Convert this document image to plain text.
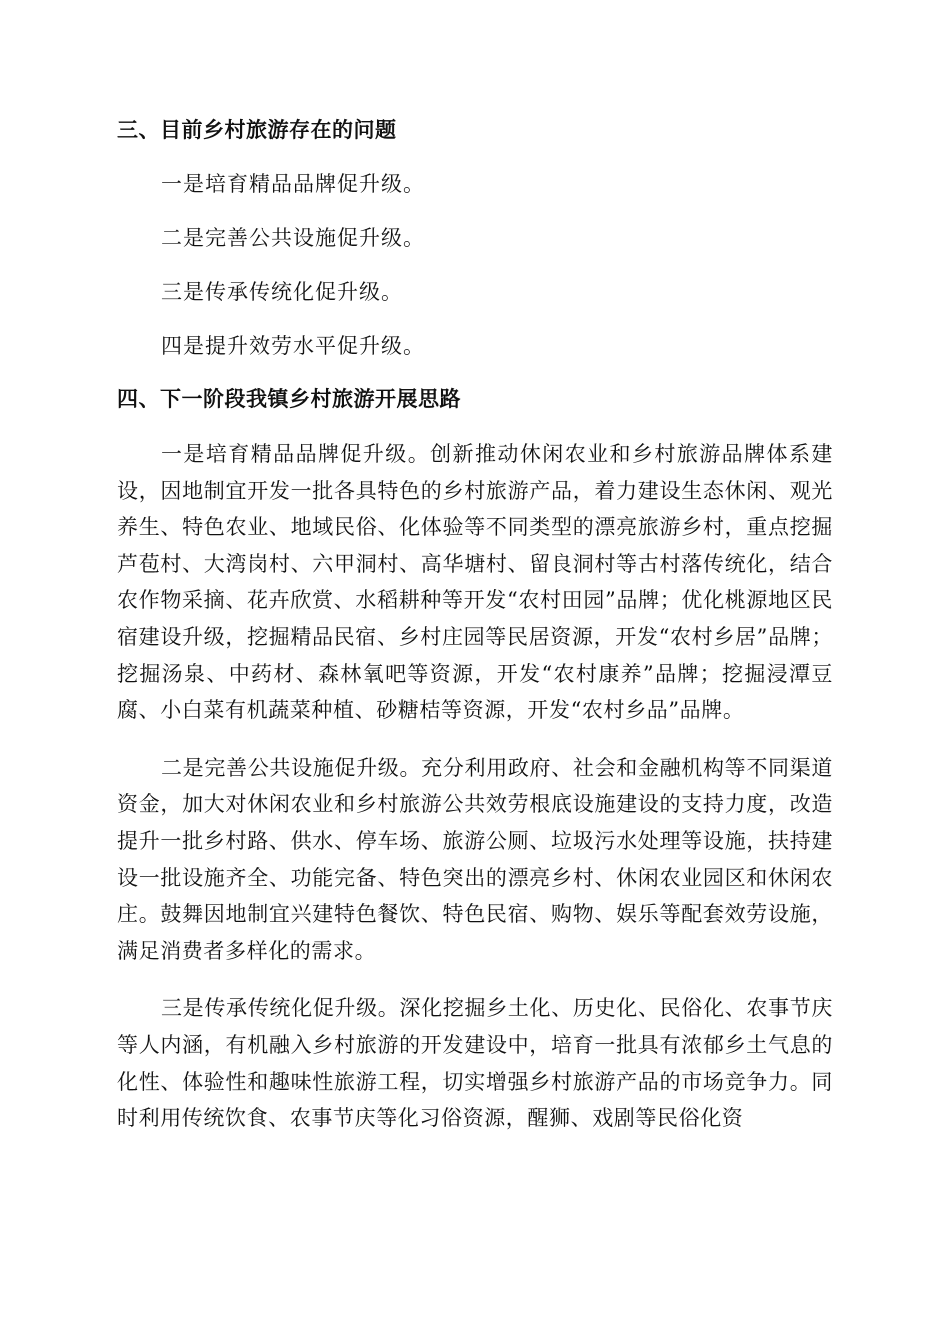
三、目前乡村旅游存在的问题

一是培育精品品牌促升级。

二是完善公共设施促升级。

三是传承传统化促升级。

四是提升效劳水平促升级。

四、下一阶段我镇乡村旅游开展思路

一是培育精品品牌促升级。创新推动休闲农业和乡村旅游品牌体系建设，因地制宜开发一批各具特色的乡村旅游产品，着力建设生态休闲、观光养生、特色农业、地域民俗、化体验等不同类型的漂亮旅游乡村，重点挖掘芦苞村、大湾岗村、六甲洞村、高华塘村、留良洞村等古村落传统化，结合农作物采摘、花卉欣赏、水稻耕种等开发“农村田园”品牌；优化桃源地区民宿建设升级，挖掘精品民宿、乡村庄园等民居资源，开发“农村乡居”品牌；挖掘汤泉、中药材、森林氧吧等资源，开发“农村康养”品牌；挖掘浸潭豆腐、小白菜有机蔬菜种植、砂糖桔等资源，开发“农村乡品”品牌。

二是完善公共设施促升级。充分利用政府、社会和金融机构等不同渠道资金，加大对休闲农业和乡村旅游公共效劳根底设施建设的支持力度，改造提升一批乡村路、供水、停车场、旅游公厕、垃圾污水处理等设施，扶持建设一批设施齐全、功能完备、特色突出的漂亮乡村、休闲农业园区和休闲农庄。鼓舞因地制宜兴建特色餐饮、特色民宿、购物、娱乐等配套效劳设施，满足消费者多样化的需求。

三是传承传统化促升级。深化挖掘乡土化、历史化、民俗化、农事节庆等人内涵，有机融入乡村旅游的开发建设中，培育一批具有浓郁乡土气息的化性、体验性和趣味性旅游工程，切实增强乡村旅游产品的市场竞争力。同时利用传统饮食、农事节庆等化习俗资源，醒狮、戏剧等民俗化资
